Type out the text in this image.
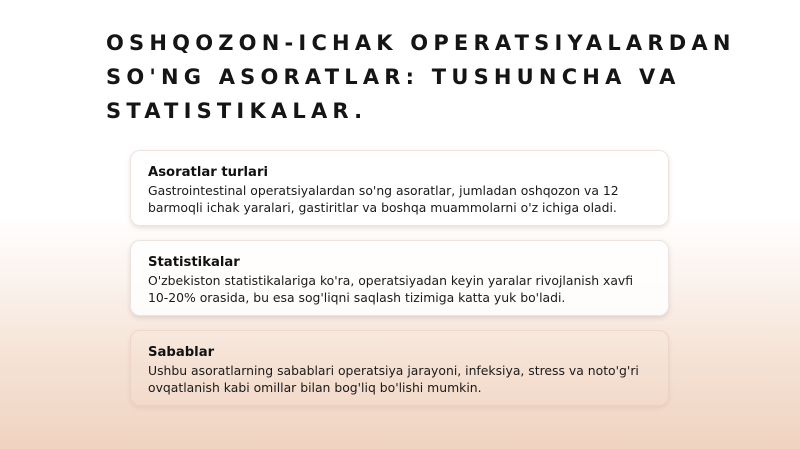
OSHQOZON-ICHAK OPERATSIYALARDAN SO'NG ASORATLAR: TUSHUNCHA VA STATISTIKALAR.

Asoratlar turlari

Gastrointestinal operatsiyalardan so'ng asoratlar, jumladan oshqozon va 12 barmoqli ichak yaralari, gastiritlar va boshqa muammolarni o'z ichiga oladi.

Statistikalar

O'zbekiston statistikalariga ko'ra, operatsiyadan keyin yaralar rivojlanish xavfi 10-20% orasida, bu esa sog'liqni saqlash tizimiga katta yuk bo'ladi.

Sabablar

Ushbu asoratlarning sabablari operatsiya jarayoni, infeksiya, stress va noto'g'ri ovqatlanish kabi omillar bilan bog'liq bo'lishi mumkin.
